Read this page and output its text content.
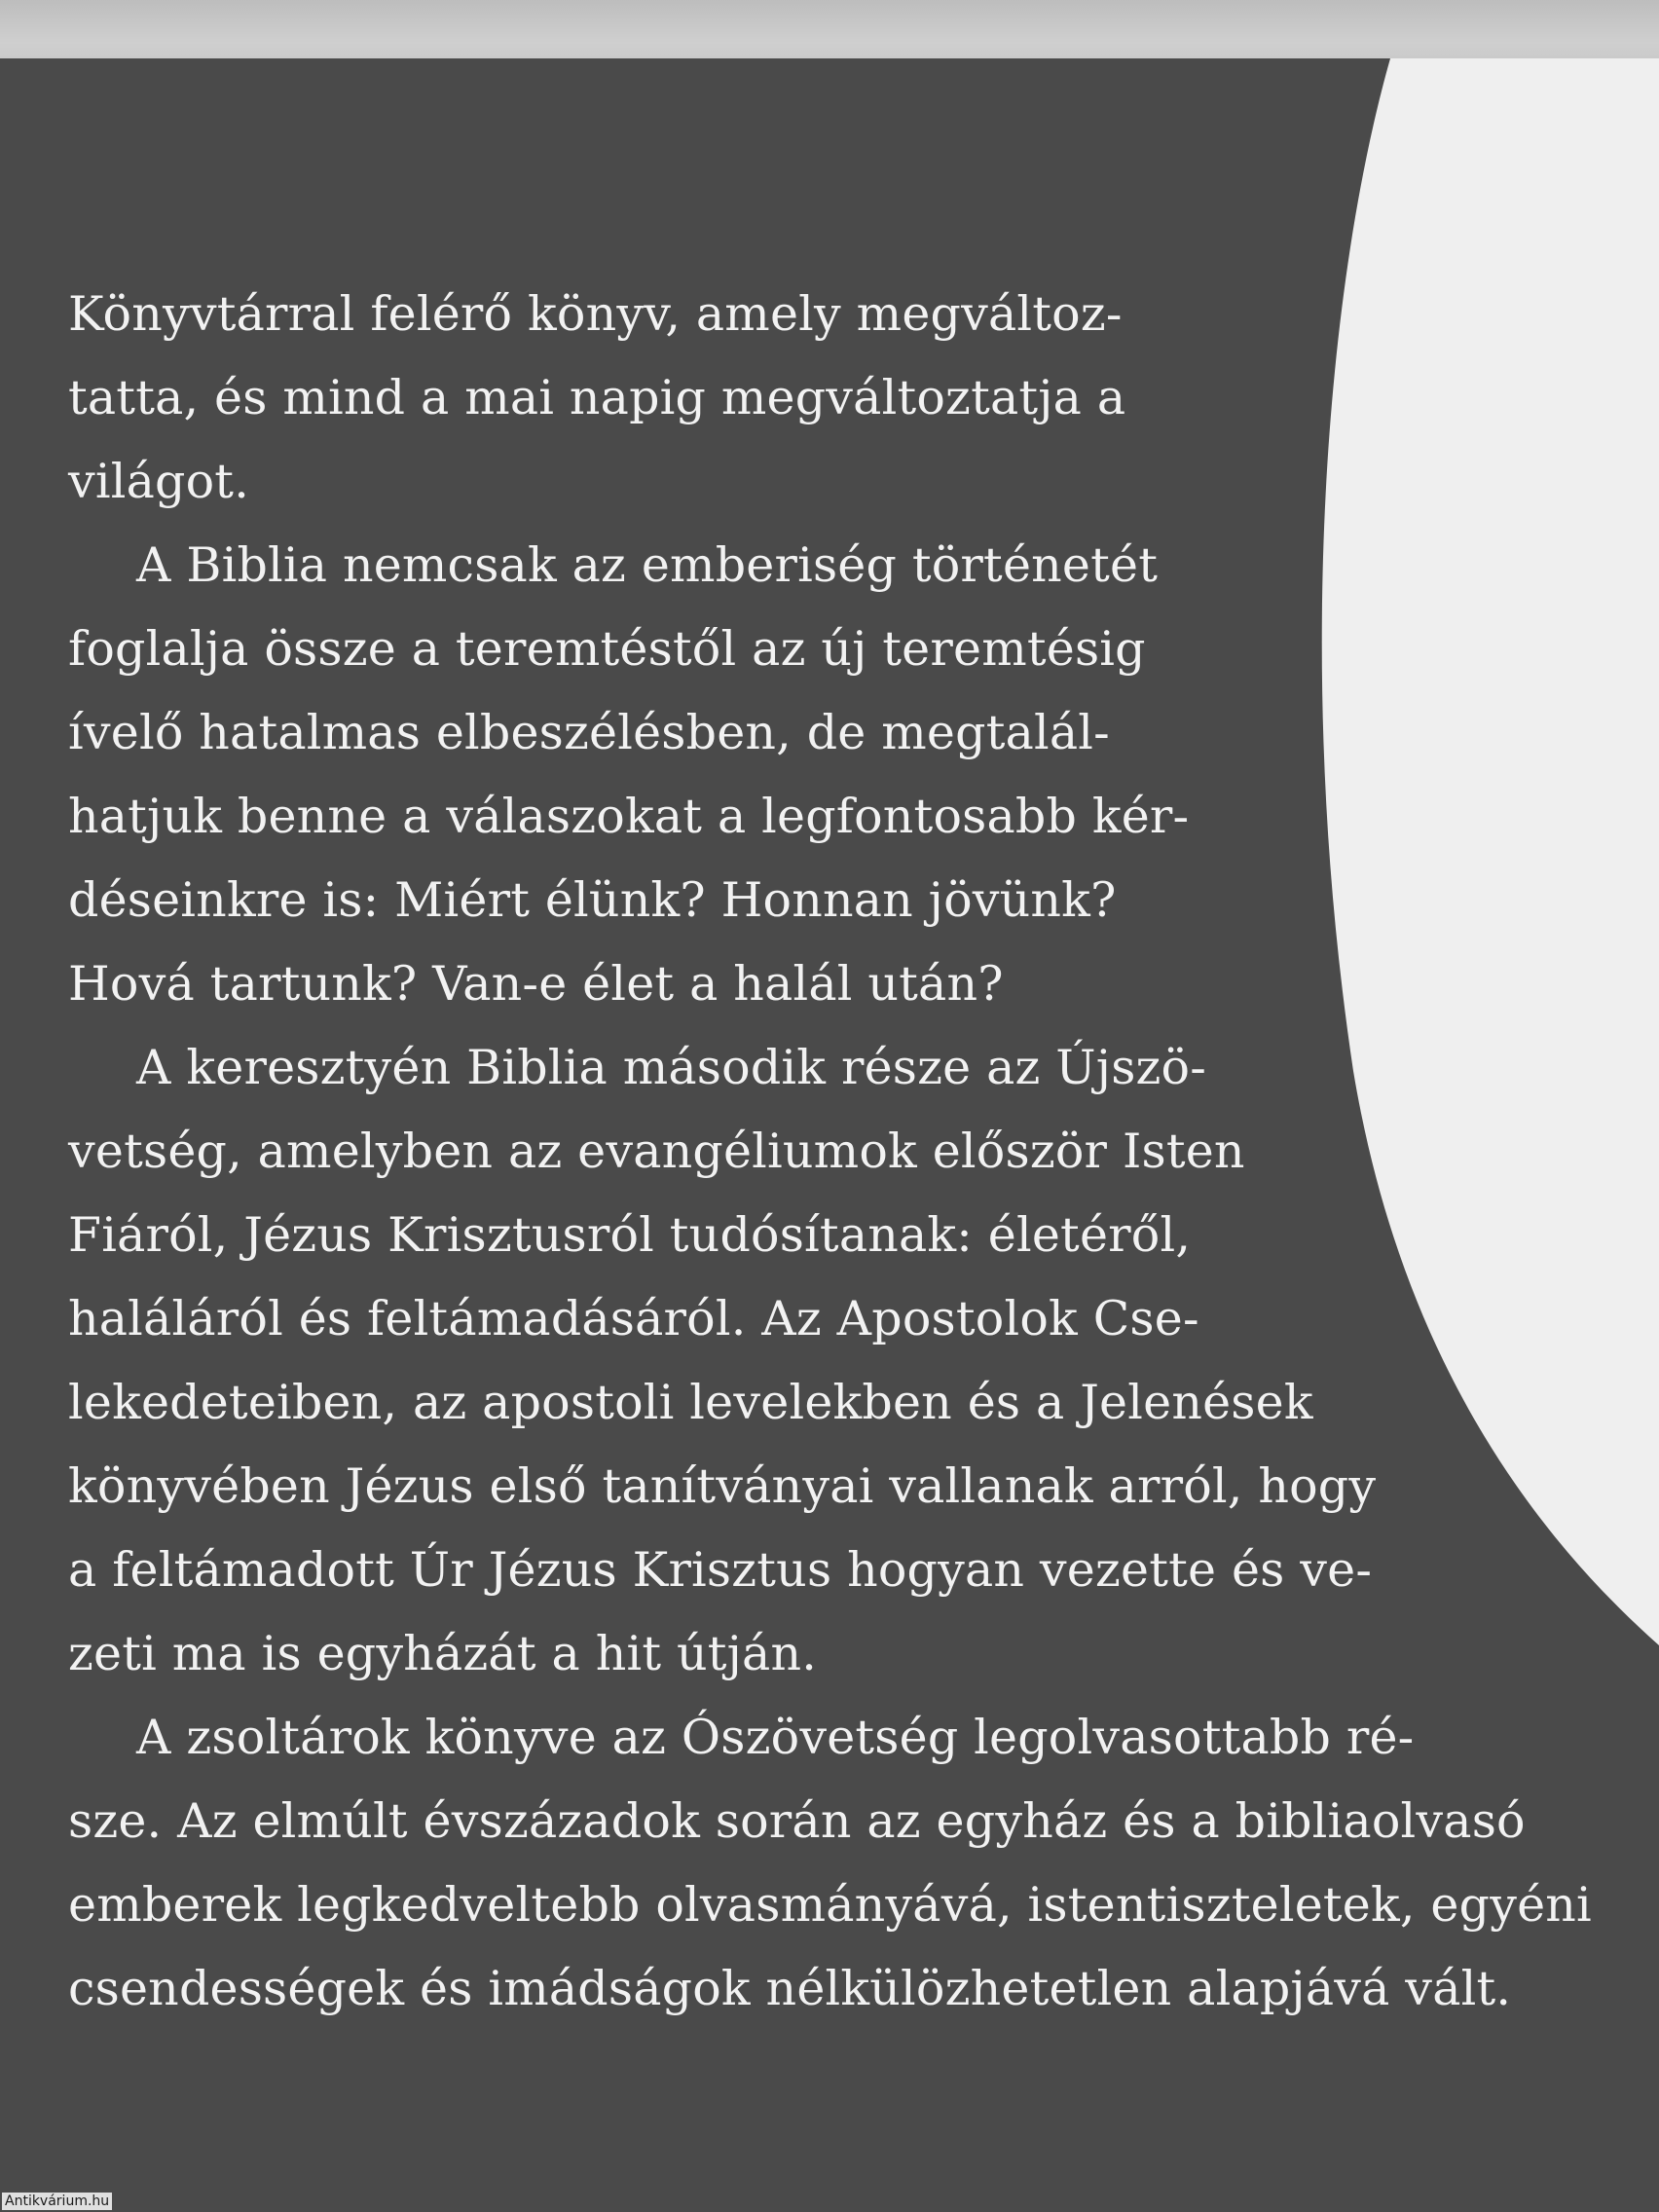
Könyvtárral felérő könyv, amely megváltoz-
tatta, és mind a mai napig megváltoztatja a
világot.
A Biblia nemcsak az emberiség történetét
foglalja össze a teremtéstől az új teremtésig
ívelő hatalmas elbeszélésben, de megtalál-
hatjuk benne a válaszokat a legfontosabb kér-
déseinkre is: Miért élünk? Honnan jövünk?
Hová tartunk? Van-e élet a halál után?
A keresztyén Biblia második része az Újszö-
vetség, amelyben az evangéliumok először Isten
Fiáról, Jézus Krisztusról tudósítanak: életéről,
haláláról és feltámadásáról. Az Apostolok Cse-
lekedeteiben, az apostoli levelekben és a Jelenések
könyvében Jézus első tanítványai vallanak arról, hogy
a feltámadott Úr Jézus Krisztus hogyan vezette és ve-
zeti ma is egyházát a hit útján.
A zsoltárok könyve az Ószövetség legolvasottabb ré-
sze. Az elmúlt évszázadok során az egyház és a bibliaolvasó
emberek legkedveltebb olvasmányává, istentiszteletek, egyéni
csendességek és imádságok nélkülözhetetlen alapjává vált.
Antikvárium.hu
